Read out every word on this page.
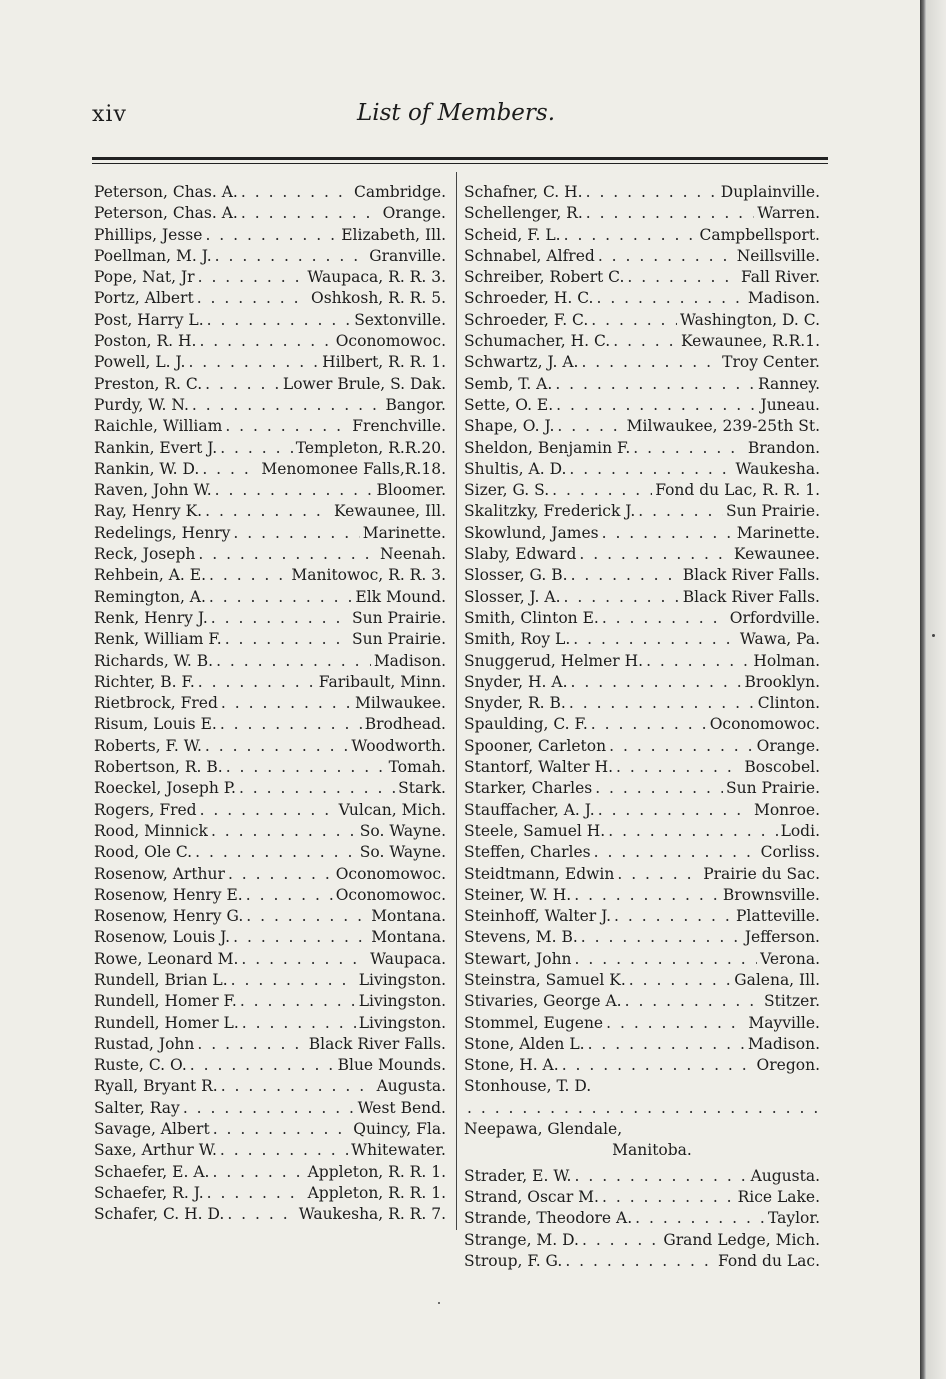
xiv	List of Members.
Peterson, Chas. A. . . .	Cambridge.
Peterson, Chas. A. . . .	Orange.
Phillips, Jesse . . .	Elizabeth, Ill.
Poellman, M. J. . . .	Granville.
Pope, Nat, Jr . . .	Waupaca, R. R. 3.
Portz, Albert . . .	Oshkosh, R. R. 5.
Post, Harry L. . . .	Sextonville.
Poston, R. H. . . .	Oconomowoc.
Powell, L. J. . . .	Hilbert, R. R. 1.
Preston, R. C. . . .	Lower Brule, S. Dak.
Purdy, W. N. . . .	Bangor.
Raichle, William . . .	Frenchville.
Rankin, Evert J. . . .	Templeton, R.R.20.
Rankin, W. D. . . .	Menomonee Falls,R.18.
Raven, John W. . . .	Bloomer.
Ray, Henry K. . . .	Kewaunee, Ill.
Redelings, Henry . . .	Marinette.
Reck, Joseph . . .	Neenah.
Rehbein, A. E. . . .	Manitowoc, R. R. 3.
Remington, A. . . .	Elk Mound.
Renk, Henry J. . . .	Sun Prairie.
Renk, William F. . . .	Sun Prairie.
Richards, W. B. . . .	Madison.
Richter, B. F. . . .	Faribault, Minn.
Rietbrock, Fred . . .	Milwaukee.
Risum, Louis E. . . .	Brodhead.
Roberts, F. W. . . .	Woodworth.
Robertson, R. B. . . .	Tomah.
Roeckel, Joseph P. . . .	Stark.
Rogers, Fred . . .	Vulcan, Mich.
Rood, Minnick . . .	So. Wayne.
Rood, Ole C. . . .	So. Wayne.
Rosenow, Arthur . . .	Oconomowoc.
Rosenow, Henry E. . . .	Oconomowoc.
Rosenow, Henry G. . . .	Montana.
Rosenow, Louis J. . . .	Montana.
Rowe, Leonard M. . . .	Waupaca.
Rundell, Brian L. . . .	Livingston.
Rundell, Homer F. . . .	Livingston.
Rundell, Homer L. . . .	Livingston.
Rustad, John . . .	Black River Falls.
Ruste, C. O. . . .	Blue Mounds.
Ryall, Bryant R. . . .	Augusta.
Salter, Ray . . .	West Bend.
Savage, Albert . . .	Quincy, Fla.
Saxe, Arthur W. . . .	Whitewater.
Schaefer, E. A. . . .	Appleton, R. R. 1.
Schaefer, R. J. . . .	Appleton, R. R. 1.
Schafer, C. H. D. . . .	Waukesha, R. R. 7.
Schafner, C. H. . . .	Duplainville.
Schellenger, R. . . .	Warren.
Scheid, F. L. . . .	Campbellsport.
Schnabel, Alfred . . .	Neillsville.
Schreiber, Robert C. . . .	Fall River.
Schroeder, H. C. . . .	Madison.
Schroeder, F. C. . . .	Washington, D. C.
Schumacher, H. C. . . .	Kewaunee, R.R.1.
Schwartz, J. A. . . .	Troy Center.
Semb, T. A. . . .	Ranney.
Sette, O. E. . . .	Juneau.
Shape, O. J. . . .	Milwaukee, 239-25th St.
Sheldon, Benjamin F. . . .	Brandon.
Shultis, A. D. . . .	Waukesha.
Sizer, G. S. . . .	Fond du Lac, R. R. 1.
Skalitzky, Frederick J. . . .	Sun Prairie.
Skowlund, James . . .	Marinette.
Slaby, Edward . . .	Kewaunee.
Slosser, G. B. . . .	Black River Falls.
Slosser, J. A. . . .	Black River Falls.
Smith, Clinton E. . . .	Orfordville.
Smith, Roy L. . . .	Wawa, Pa.
Snuggerud, Helmer H. . . .	Holman.
Snyder, H. A. . . .	Brooklyn.
Snyder, R. B. . . .	Clinton.
Spaulding, C. F. . . .	Oconomowoc.
Spooner, Carleton . . .	Orange.
Stantorf, Walter H. . . .	Boscobel.
Starker, Charles . . .	Sun Prairie.
Stauffacher, A. J. . . .	Monroe.
Steele, Samuel H. . . .	Lodi.
Steffen, Charles . . .	Corliss.
Steidtmann, Edwin . . .	Prairie du Sac.
Steiner, W. H. . . .	Brownsville.
Steinhoff, Walter J. . . .	Platteville.
Stevens, M. B. . . .	Jefferson.
Stewart, John . . .	Verona.
Steinstra, Samuel K. . . .	Galena, Ill.
Stivaries, George A. . . .	Stitzer.
Stommel, Eugene . . .	Mayville.
Stone, Alden L. . . .	Madison.
Stone, H. A. . . .	Oregon.
Stonhouse, T. D.
. . .
Neepawa, Glendale,
Manitoba.
Strader, E. W. . . .	Augusta.
Strand, Oscar M. . . .	Rice Lake.
Strande, Theodore A. . . .	Taylor.
Strange, M. D. . . .	Grand Ledge, Mich.
Stroup, F. G. . . .	Fond du Lac.
